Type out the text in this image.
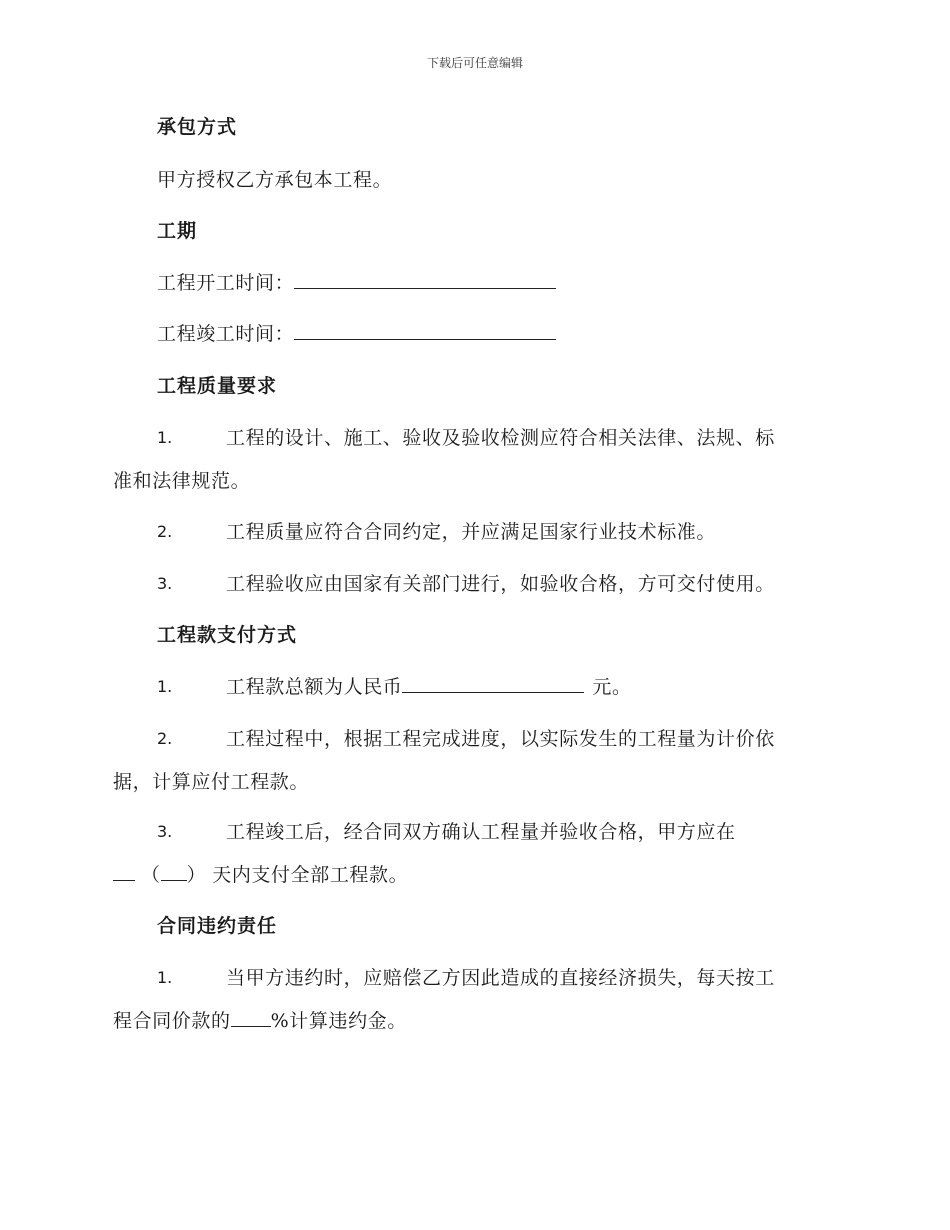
下载后可任意编辑
承包方式
甲方授权乙方承包本工程。
工期
工程开工时间：
工程竣工时间：
工程质量要求
1.	工程的设计、施工、验收及验收检测应符合相关法律、法规、标
准和法律规范。
2.	工程质量应符合合同约定，并应满足国家行业技术标准。
3.	工程验收应由国家有关部门进行，如验收合格，方可交付使用。
工程款支付方式
1.	工程款总额为人民币	元。
2.	工程过程中，根据工程完成进度，以实际发生的工程量为计价依
据，计算应付工程款。
3.	工程竣工后，经合同双方确认工程量并验收合格，甲方应在
（ ） 天内支付全部工程款。
合同违约责任
1.	当甲方违约时，应赔偿乙方因此造成的直接经济损失，每天按工
程合同价款的 %计算违约金。
